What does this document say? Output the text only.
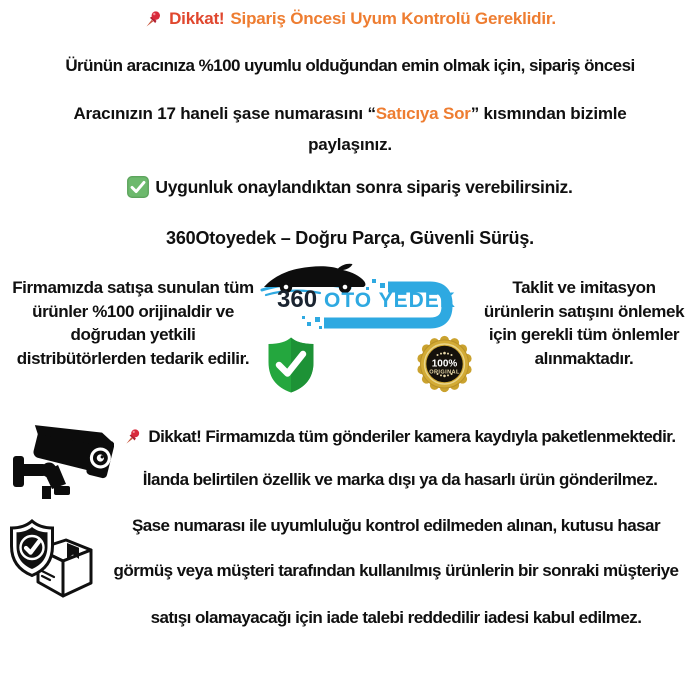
Dikkat! Sipariş Öncesi Uyum Kontrolü Gereklidir.
Ürünün aracınıza %100 uyumlu olduğundan emin olmak için, sipariş öncesi
Aracınızın 17 haneli şase numarasını “Satıcıya Sor” kısmından bizimle
paylaşınız.
Uygunluk onaylandıktan sonra sipariş verebilirsiniz.
360Otoyedek – Doğru Parça, Güvenli Sürüş.
Firmamızda satışa sunulan tüm
ürünler %100 orijinaldir ve
doğrudan yetkili
distribütörlerden tedarik edilir.
360 OTO YEDEK
100%
ORIGINAL
Taklit ve imitasyon
ürünlerin satışını önlemek
için gerekli tüm önlemler
alınmaktadır.
Dikkat! Firmamızda tüm gönderiler kamera kaydıyla paketlenmektedir.
İlanda belirtilen özellik ve marka dışı ya da hasarlı ürün gönderilmez.
Şase numarası ile uyumluluğu kontrol edilmeden alınan, kutusu hasar
görmüş veya müşteri tarafından kullanılmış ürünlerin bir sonraki müşteriye
satışı olamayacağı için iade talebi reddedilir iadesi kabul edilmez.
